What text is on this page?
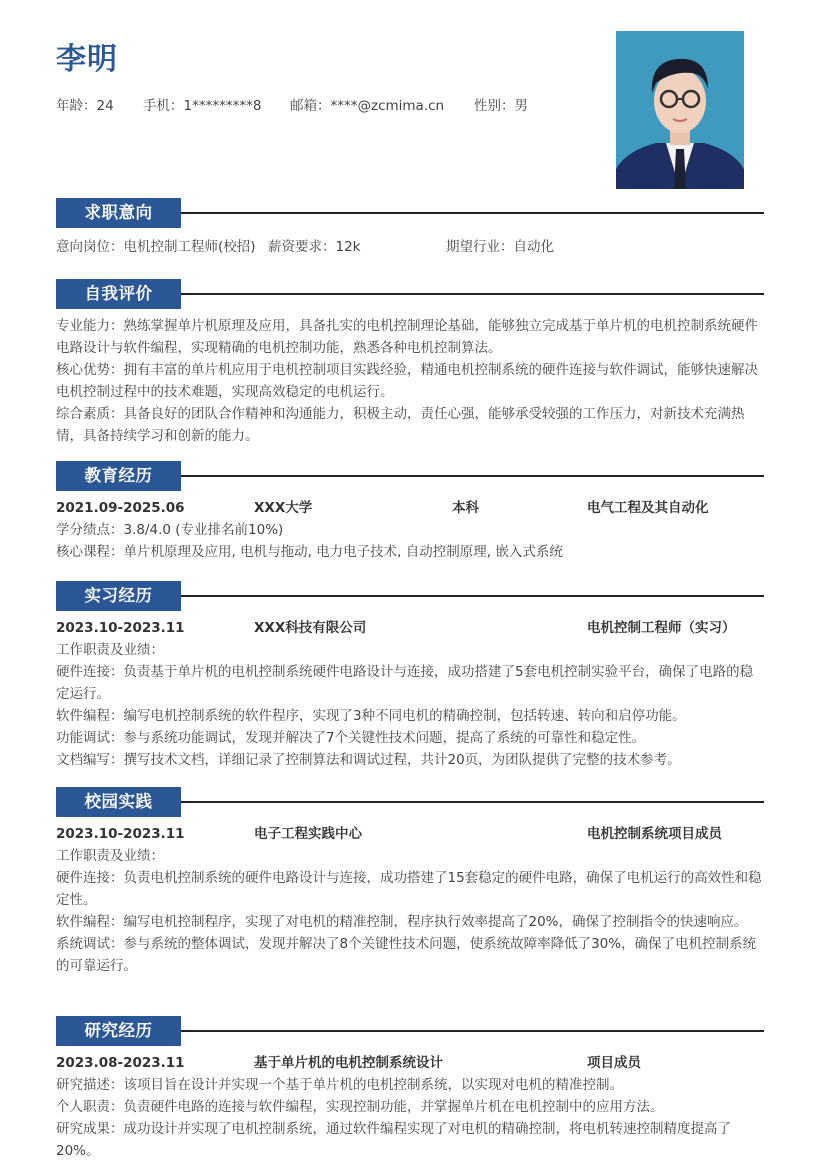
李明
年龄：24	手机：1*********8	邮箱：****@zcmima.cn	性别：男
求职意向
意向岗位：电机控制工程师(校招) 薪资要求：12k	期望行业：自动化
自我评价

专业能力：熟练掌握单片机原理及应用，具备扎实的电机控制理论基础，能够独立完成基于单片机的电机控制系统硬件电路设计与软件编程，实现精确的电机控制功能，熟悉各种电机控制算法。

核心优势：拥有丰富的单片机应用于电机控制项目实践经验，精通电机控制系统的硬件连接与软件调试，能够快速解决电机控制过程中的技术难题，实现高效稳定的电机运行。

综合素质：具备良好的团队合作精神和沟通能力，积极主动，责任心强，能够承受较强的工作压力，对新技术充满热情，具备持续学习和创新的能力。

教育经历
2021.09-2025.06	XXX大学	本科	电气工程及其自动化

学分绩点：3.8/4.0 (专业排名前10%)

核心课程：单片机原理及应用, 电机与拖动, 电力电子技术, 自动控制原理, 嵌入式系统

实习经历
2023.10-2023.11	XXX科技有限公司	电机控制工程师（实习）

工作职责及业绩：

硬件连接：负责基于单片机的电机控制系统硬件电路设计与连接，成功搭建了5套电机控制实验平台，确保了电路的稳定运行。

软件编程：编写电机控制系统的软件程序，实现了3种不同电机的精确控制，包括转速、转向和启停功能。

功能调试：参与系统功能调试，发现并解决了7个关键性技术问题，提高了系统的可靠性和稳定性。

文档编写：撰写技术文档，详细记录了控制算法和调试过程，共计20页，为团队提供了完整的技术参考。

校园实践
2023.10-2023.11	电子工程实践中心	电机控制系统项目成员

工作职责及业绩：

硬件连接：负责电机控制系统的硬件电路设计与连接，成功搭建了15套稳定的硬件电路，确保了电机运行的高效性和稳定性。

软件编程：编写电机控制程序，实现了对电机的精准控制，程序执行效率提高了20%，确保了控制指令的快速响应。

系统调试：参与系统的整体调试，发现并解决了8个关键性技术问题，使系统故障率降低了30%，确保了电机控制系统的可靠运行。

研究经历
2023.08-2023.11	基于单片机的电机控制系统设计	项目成员

研究描述：该项目旨在设计并实现一个基于单片机的电机控制系统，以实现对电机的精准控制。

个人职责：负责硬件电路的连接与软件编程，实现控制功能，并掌握单片机在电机控制中的应用方法。

研究成果：成功设计并实现了电机控制系统，通过软件编程实现了对电机的精确控制，将电机转速控制精度提高了20%。
